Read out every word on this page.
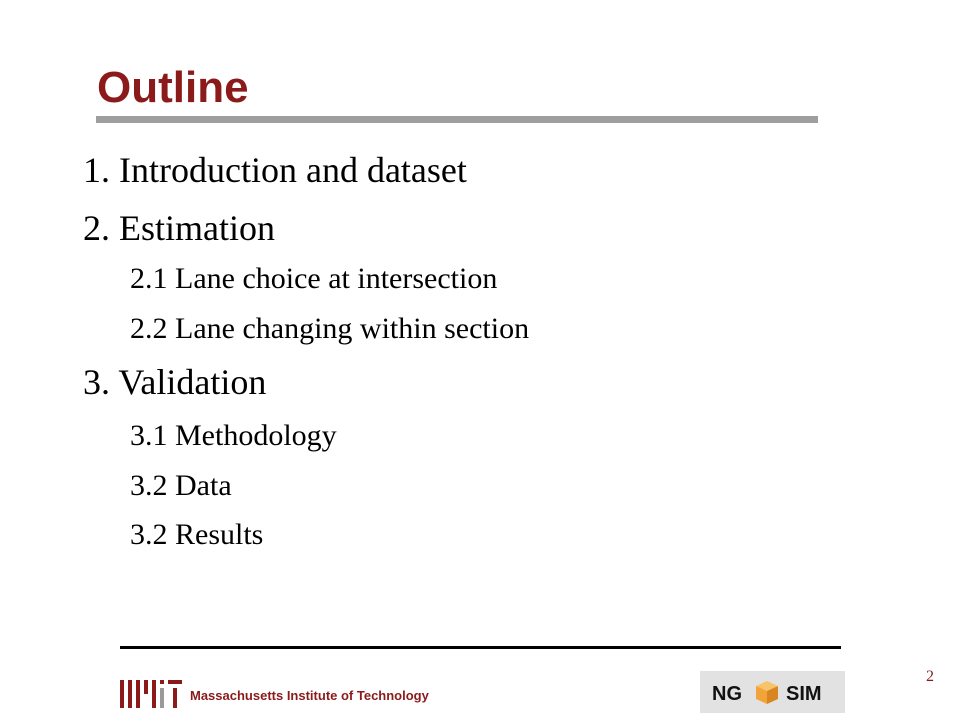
Outline
1. Introduction and dataset
2. Estimation
2.1 Lane choice at intersection
2.2 Lane changing within section
3. Validation
3.1 Methodology
3.2 Data
3.2 Results
Massachusetts Institute of Technology	NG SIM
2
